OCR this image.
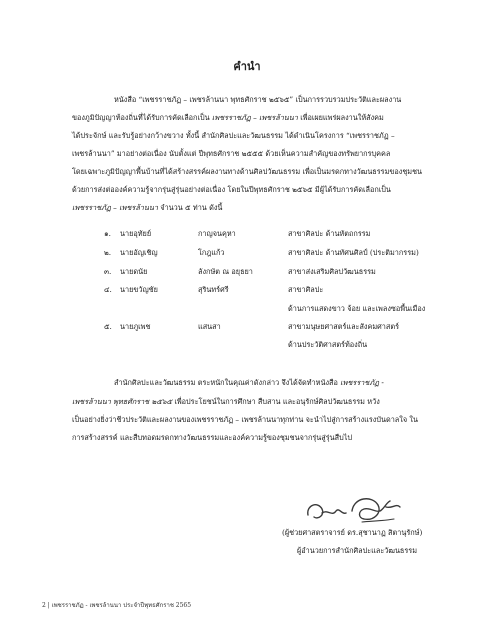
คำนำ
หนังสือ “เพชรราชภัฏ – เพชรล้านนา พุทธศักราช ๒๕๖๕” เป็นการรวบรวมประวัติและผลงาน
ของภูมิปัญญาท้องถิ่นที่ได้รับการคัดเลือกเป็น เพชรราชภัฏ – เพชรล้านนา เพื่อเผยแพร่ผลงานให้สังคม
ได้ประจักษ์ และรับรู้อย่างกว้างขวาง ทั้งนี้ สำนักศิลปะและวัฒนธรรม ได้ดำเนินโครงการ “เพชรราชภัฏ –
เพชรล้านนา” มาอย่างต่อเนื่อง นับตั้งแต่ ปีพุทธศักราช ๒๕๕๕ ด้วยเห็นความสำคัญของทรัพยากรบุคคล
โดยเฉพาะภูมิปัญญาพื้นบ้านที่ได้สร้างสรรค์ผลงานทางด้านศิลปวัฒนธรรม เพื่อเป็นมรดกทางวัฒนธรรมของชุมชน
ด้วยการส่งต่อองค์ความรู้จากรุ่นสู่รุ่นอย่างต่อเนื่อง โดยในปีพุทธศักราช ๒๕๖๕ มีผู้ได้รับการคัดเลือกเป็น
เพชรราชภัฏ – เพชรล้านนา จำนวน ๕ ท่าน ดังนี้
๑. นายอุทัยย์	กาญจนคุหา	สาขาศิลปะ ด้านหัตถกรรม
๒. นายอัญเชิญ	โกฎแก้ว	สาขาศิลปะ ด้านทัศนศิลป์ (ประติมากรรม)
๓. นายดนัย	ลังกษัต ณ อยุธยา	สาขาส่งเสริมศิลปวัฒนธรรม
๔. นายขวัญชัย	สุรินทร์ศรี	สาขาศิลปะ
ด้านการแสดงขาว จ้อย และเพลงซอพื้นเมือง
๕. นายภูเพช	แสนสา	สาขามนุษยศาสตร์และสังคมศาสตร์
ด้านประวัติศาสตร์ท้องถิ่น
สำนักศิลปะและวัฒนธรรม ตระหนักในคุณค่าดังกล่าว จึงได้จัดทำหนังสือ เพชรราชภัฏ -
เพชรล้านนา พุทธศักราช ๒๕๖๕ เพื่อประโยชน์ในการศึกษา สืบสาน และอนุรักษ์ศิลปวัฒนธรรม หวัง
เป็นอย่างยิ่งว่าชีวประวัติและผลงานของเพชรราชภัฏ – เพชรล้านนาทุกท่าน จะนำไปสู่การสร้างแรงบันดาลใจ ใน
การสร้างสรรค์ และสืบทอดมรดกทางวัฒนธรรมและองค์ความรู้ของชุมชนจากรุ่นสู่รุ่นสืบไป
(ผู้ช่วยศาสตราจารย์ ดร.สุชานาฏ สิตานุรักษ์)
ผู้อำนวยการสำนักศิลปะและวัฒนธรรม
2 | เพชรราชภัฏ - เพชรล้านนา ประจำปีพุทธศักราช 2565
